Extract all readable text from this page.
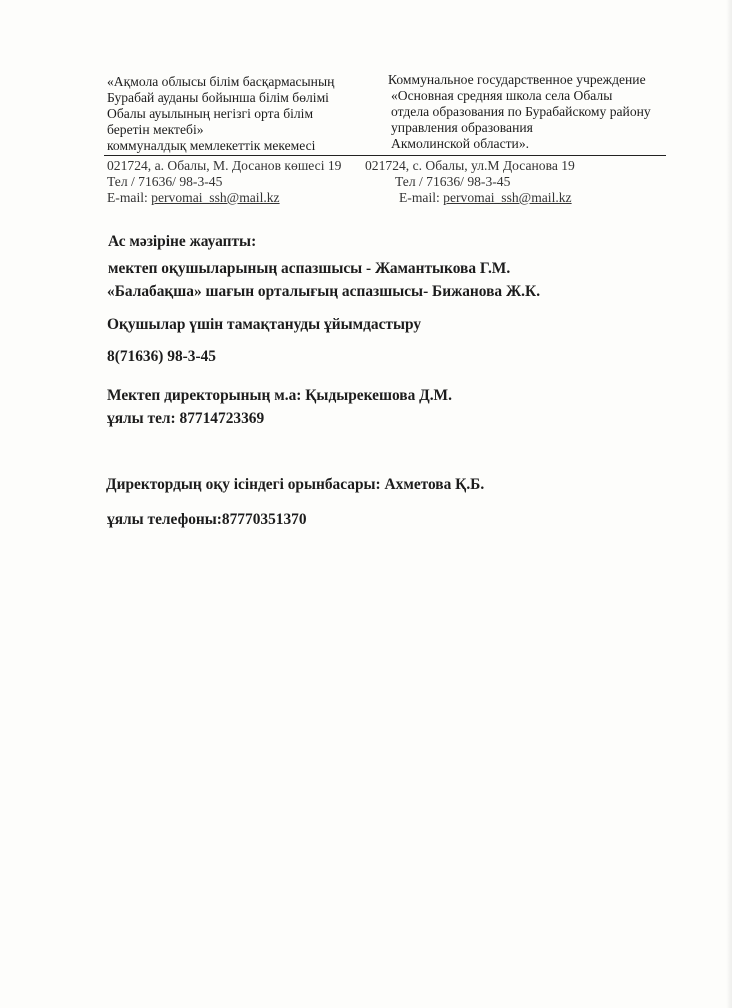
«Ақмола облысы білім басқармасының
Бурабай ауданы бойынша білім бөлімі
Обалы ауылының негізгі орта білім
беретін мектебі»
коммуналдық мемлекеттік мекемесі
Коммунальное государственное учреждение
«Основная средняя школа села Обалы
отдела образования по Бурабайскому району
управления образования
Акмолинской области».
021724, а. Обалы, М. Досанов көшесі 19
Тел / 71636/ 98-3-45
E-mail: pervomai_ssh@mail.kz
021724, с. Обалы, ул.М Досанова 19
Тел / 71636/ 98-3-45
E-mail: pervomai_ssh@mail.kz
Ас мәзіріне жауапты:
мектеп оқушыларының аспазшысы - Жамантыкова Г.М.
«Балабақша» шағын орталығың аспазшысы- Бижанова Ж.К.
Оқушылар үшін тамақтануды ұйымдастыру
8(71636) 98-3-45
Мектеп директорының м.а: Қыдырекешова Д.М.
ұялы тел: 87714723369
Директордың оқу ісіндегі орынбасары: Ахметова Қ.Б.
ұялы телефоны:87770351370
